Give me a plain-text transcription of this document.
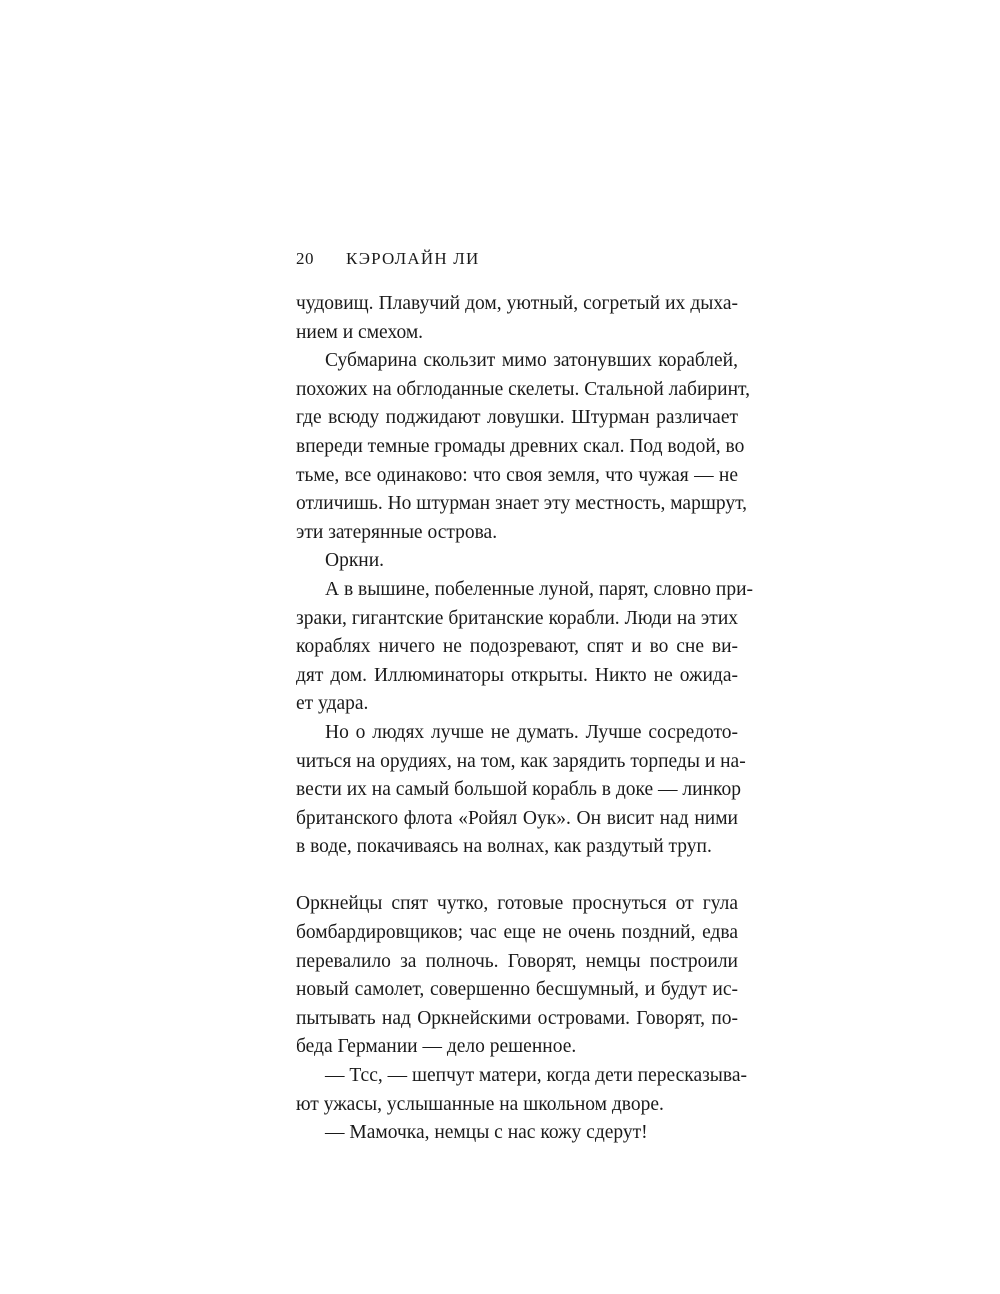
20 КЭРОЛАЙН ЛИ
чудовищ. Плавучий дом, уютный, согретый их дыха-
нием и смехом.
Субмарина скользит мимо затонувших кораблей,
похожих на обглоданные скелеты. Стальной лабиринт,
где всюду поджидают ловушки. Штурман различает
впереди темные громады древних скал. Под водой, во
тьме, все одинаково: что своя земля, что чужая — не
отличишь. Но штурман знает эту местность, маршрут,
эти затерянные острова.
Оркни.
А в вышине, побеленные луной, парят, словно при-
зраки, гигантские британские корабли. Люди на этих
кораблях ничего не подозревают, спят и во сне ви-
дят дом. Иллюминаторы открыты. Никто не ожида-
ет удара.
Но о людях лучше не думать. Лучше сосредото-
читься на орудиях, на том, как зарядить торпеды и на-
вести их на самый большой корабль в доке — линкор
британского флота «Ройял Оук». Он висит над ними
в воде, покачиваясь на волнах, как раздутый труп.
Оркнейцы спят чутко, готовые проснуться от гула
бомбардировщиков; час еще не очень поздний, едва
перевалило за полночь. Говорят, немцы построили
новый самолет, совершенно бесшумный, и будут ис-
пытывать над Оркнейскими островами. Говорят, по-
беда Германии — дело решенное.
— Тсс, — шепчут матери, когда дети пересказыва-
ют ужасы, услышанные на школьном дворе.
— Мамочка, немцы с нас кожу сдерут!
